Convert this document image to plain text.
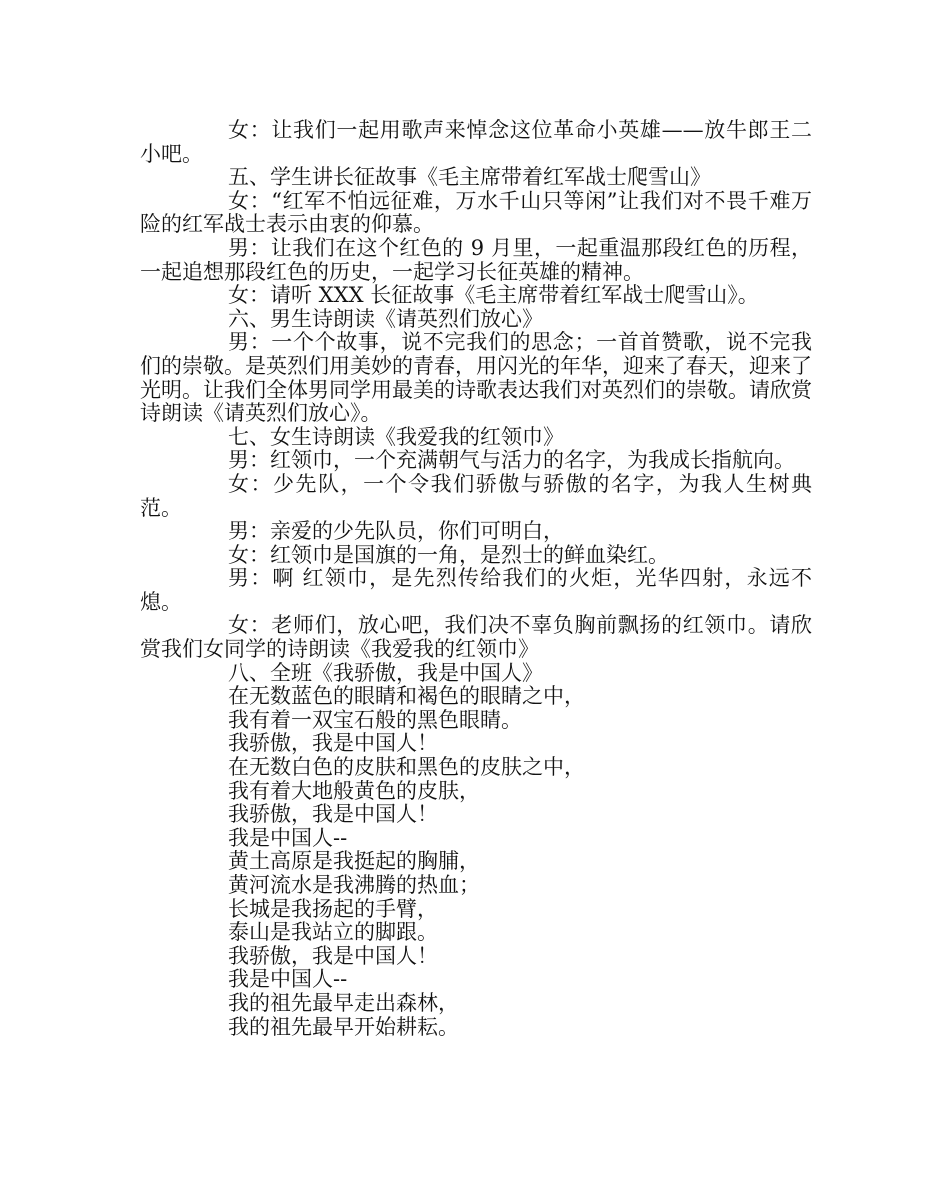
女：让我们一起用歌声来悼念这位革命小英雄——放牛郎王二小吧。

五、学生讲长征故事《毛主席带着红军战士爬雪山》

女：“红军不怕远征难，万水千山只等闲”让我们对不畏千难万险的红军战士表示由衷的仰慕。

男：让我们在这个红色的 9 月里，一起重温那段红色的历程，一起追想那段红色的历史，一起学习长征英雄的精神。

女：请听 XXX 长征故事《毛主席带着红军战士爬雪山》。

六、男生诗朗读《请英烈们放心》

男：一个个故事，说不完我们的思念；一首首赞歌，说不完我们的崇敬。是英烈们用美妙的青春，用闪光的年华，迎来了春天，迎来了光明。让我们全体男同学用最美的诗歌表达我们对英烈们的崇敬。请欣赏诗朗读《请英烈们放心》。

七、女生诗朗读《我爱我的红领巾》

男：红领巾，一个充满朝气与活力的名字，为我成长指航向。

女：少先队，一个令我们骄傲与骄傲的名字，为我人生树典范。

男：亲爱的少先队员，你们可明白，

女：红领巾是国旗的一角，是烈士的鲜血染红。

男：啊 红领巾，是先烈传给我们的火炬，光华四射，永远不熄。

女：老师们，放心吧，我们决不辜负胸前飘扬的红领巾。请欣赏我们女同学的诗朗读《我爱我的红领巾》

八、全班《我骄傲，我是中国人》

在无数蓝色的眼睛和褐色的眼睛之中，

我有着一双宝石般的黑色眼睛。

我骄傲，我是中国人！

在无数白色的皮肤和黑色的皮肤之中，

我有着大地般黄色的皮肤，

我骄傲，我是中国人！

我是中国人--

黄土高原是我挺起的胸脯，

黄河流水是我沸腾的热血；

长城是我扬起的手臂，

泰山是我站立的脚跟。

我骄傲，我是中国人！

我是中国人--

我的祖先最早走出森林，

我的祖先最早开始耕耘。
